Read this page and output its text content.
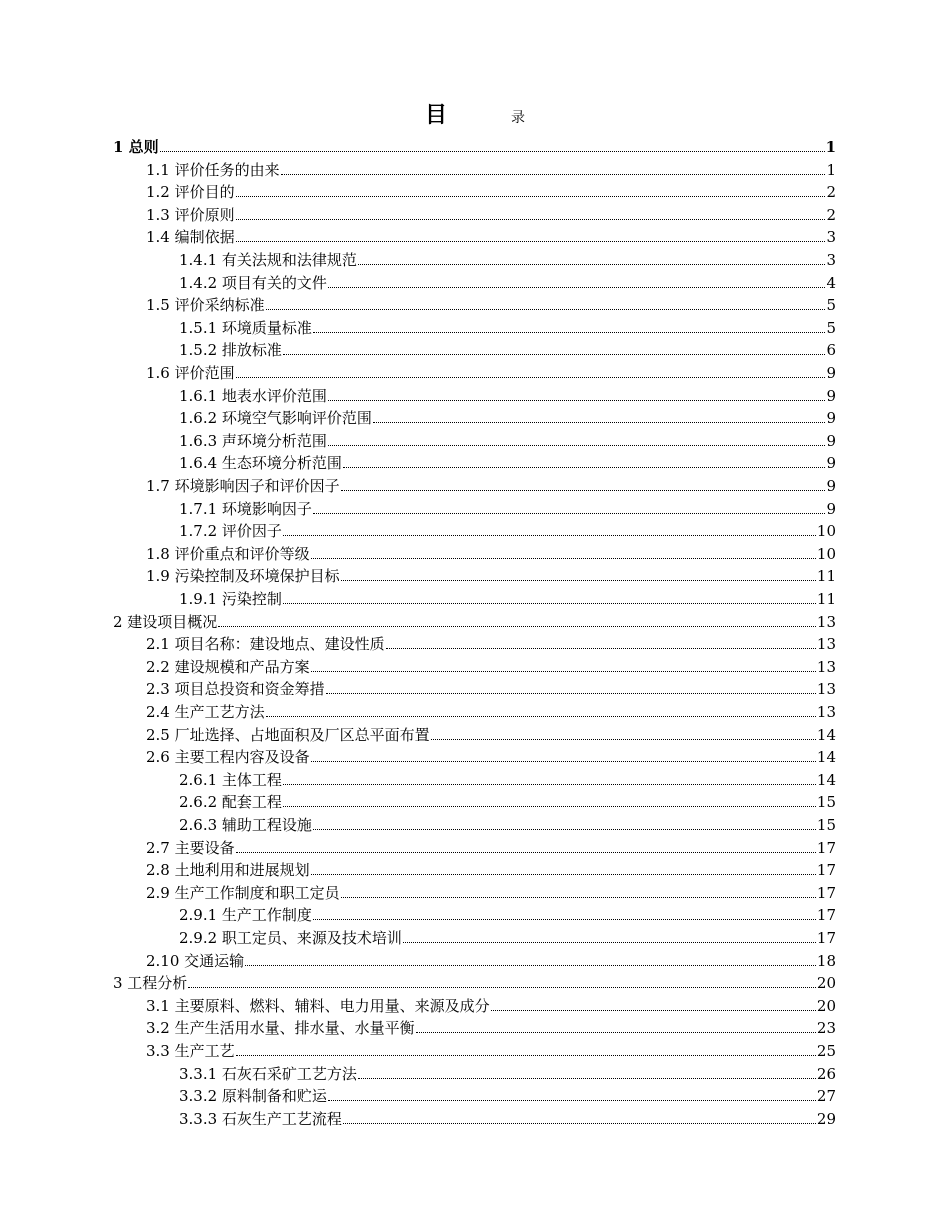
目	录
1 总则	1
1.1 评价任务的由来	1
1.2 评价目的	2
1.3 评价原则	2
1.4 编制依据	3
1.4.1 有关法规和法律规范	3
1.4.2 项目有关的文件	4
1.5 评价采纳标准	5
1.5.1 环境质量标准	5
1.5.2 排放标准	6
1.6 评价范围	9
1.6.1 地表水评价范围	9
1.6.2 环境空气影响评价范围	9
1.6.3 声环境分析范围	9
1.6.4 生态环境分析范围	9
1.7 环境影响因子和评价因子	9
1.7.1 环境影响因子	9
1.7.2 评价因子	10
1.8 评价重点和评价等级	10
1.9 污染控制及环境保护目标	11
1.9.1 污染控制	11
2 建设项目概况	13
2.1 项目名称：建设地点、建设性质	13
2.2 建设规模和产品方案	13
2.3 项目总投资和资金筹措	13
2.4 生产工艺方法	13
2.5 厂址选择、占地面积及厂区总平面布置	14
2.6 主要工程内容及设备	14
2.6.1 主体工程	14
2.6.2 配套工程	15
2.6.3 辅助工程设施	15
2.7 主要设备	17
2.8 土地利用和进展规划	17
2.9 生产工作制度和职工定员	17
2.9.1 生产工作制度	17
2.9.2 职工定员、来源及技术培训	17
2.10 交通运输	18
3 工程分析	20
3.1 主要原料、燃料、辅料、电力用量、来源及成分	20
3.2 生产生活用水量、排水量、水量平衡	23
3.3 生产工艺	25
3.3.1 石灰石采矿工艺方法	26
3.3.2 原料制备和贮运	27
3.3.3 石灰生产工艺流程	29
